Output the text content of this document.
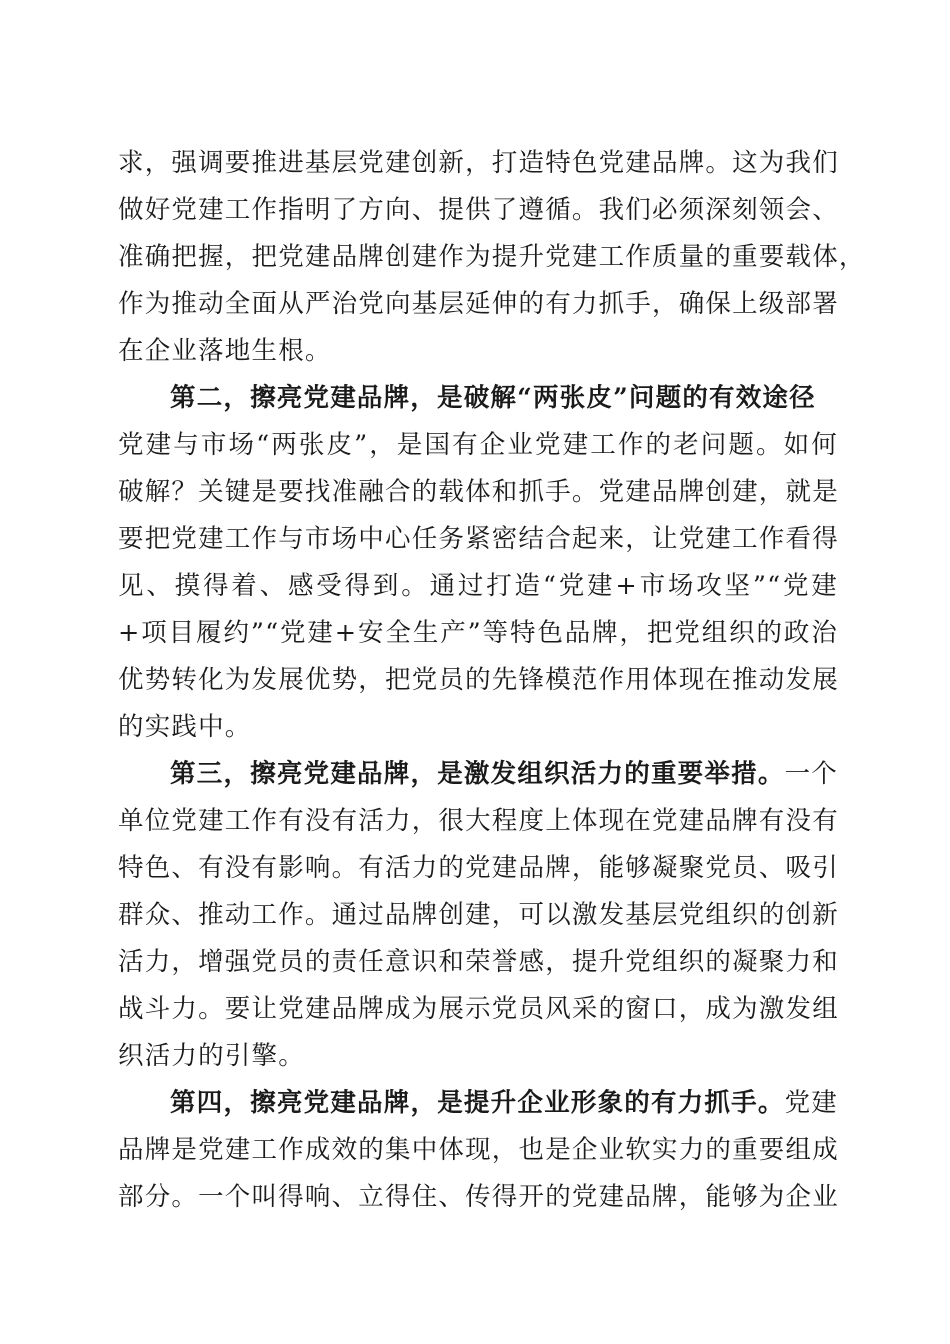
求，强调要推进基层党建创新，打造特色党建品牌。这为我们
做好党建工作指明了方向、提供了遵循。我们必须深刻领会、
准确把握，把党建品牌创建作为提升党建工作质量的重要载体，
作为推动全面从严治党向基层延伸的有力抓手，确保上级部署
在企业落地生根。
第二，擦亮党建品牌，是破解“两张皮”问题的有效途径
党建与市场“两张皮”，是国有企业党建工作的老问题。如何
破解？关键是要找准融合的载体和抓手。党建品牌创建，就是
要把党建工作与市场中心任务紧密结合起来，让党建工作看得
见、摸得着、感受得到。通过打造“党建+市场攻坚”“党建
+项目履约”“党建+安全生产”等特色品牌，把党组织的政治
优势转化为发展优势，把党员的先锋模范作用体现在推动发展
的实践中。
第三，擦亮党建品牌，是激发组织活力的重要举措。一个
单位党建工作有没有活力，很大程度上体现在党建品牌有没有
特色、有没有影响。有活力的党建品牌，能够凝聚党员、吸引
群众、推动工作。通过品牌创建，可以激发基层党组织的创新
活力，增强党员的责任意识和荣誉感，提升党组织的凝聚力和
战斗力。要让党建品牌成为展示党员风采的窗口，成为激发组
织活力的引擎。
第四，擦亮党建品牌，是提升企业形象的有力抓手。党建
品牌是党建工作成效的集中体现，也是企业软实力的重要组成
部分。一个叫得响、立得住、传得开的党建品牌，能够为企业
